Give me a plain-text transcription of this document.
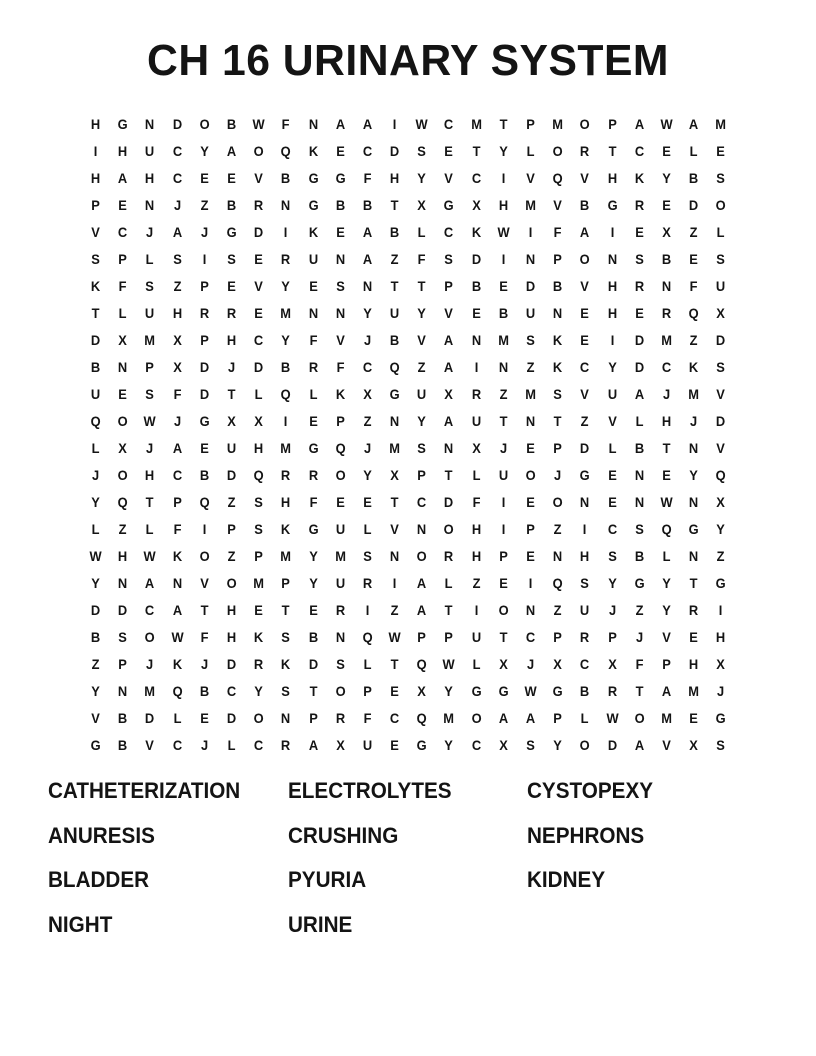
CH 16 URINARY SYSTEM
H	G	N	D	O	B	W	F	N	A	A	I	W	C	M	T	P	M	O	P	A	W	A	M
I	H	U	C	Y	A	O	Q	K	E	C	D	S	E	T	Y	L	O	R	T	C	E	L	E
H	A	H	C	E	E	V	B	G	G	F	H	Y	V	C	I	V	Q	V	H	K	Y	B	S
P	E	N	J	Z	B	R	N	G	B	B	T	X	G	X	H	M	V	B	G	R	E	D	O
V	C	J	A	J	G	D	I	K	E	A	B	L	C	K	W	I	F	A	I	E	X	Z	L
S	P	L	S	I	S	E	R	U	N	A	Z	F	S	D	I	N	P	O	N	S	B	E	S
K	F	S	Z	P	E	V	Y	E	S	N	T	T	P	B	E	D	B	V	H	R	N	F	U
T	L	U	H	R	R	E	M	N	N	Y	U	Y	V	E	B	U	N	E	H	E	R	Q	X
D	X	M	X	P	H	C	Y	F	V	J	B	V	A	N	M	S	K	E	I	D	M	Z	D
B	N	P	X	D	J	D	B	R	F	C	Q	Z	A	I	N	Z	K	C	Y	D	C	K	S
U	E	S	F	D	T	L	Q	L	K	X	G	U	X	R	Z	M	S	V	U	A	J	M	V
Q	O	W	J	G	X	X	I	E	P	Z	N	Y	A	U	T	N	T	Z	V	L	H	J	D
L	X	J	A	E	U	H	M	G	Q	J	M	S	N	X	J	E	P	D	L	B	T	N	V
J	O	H	C	B	D	Q	R	R	O	Y	X	P	T	L	U	O	J	G	E	N	E	Y	Q
Y	Q	T	P	Q	Z	S	H	F	E	E	T	C	D	F	I	E	O	N	E	N	W	N	X
L	Z	L	F	I	P	S	K	G	U	L	V	N	O	H	I	P	Z	I	C	S	Q	G	Y
W	H	W	K	O	Z	P	M	Y	M	S	N	O	R	H	P	E	N	H	S	B	L	N	Z
Y	N	A	N	V	O	M	P	Y	U	R	I	A	L	Z	E	I	Q	S	Y	G	Y	T	G
D	D	C	A	T	H	E	T	E	R	I	Z	A	T	I	O	N	Z	U	J	Z	Y	R	I
B	S	O	W	F	H	K	S	B	N	Q	W	P	P	U	T	C	P	R	P	J	V	E	H
Z	P	J	K	J	D	R	K	D	S	L	T	Q	W	L	X	J	X	C	X	F	P	H	X
Y	N	M	Q	B	C	Y	S	T	O	P	E	X	Y	G	G	W	G	B	R	T	A	M	J
V	B	D	L	E	D	O	N	P	R	F	C	Q	M	O	A	A	P	L	W	O	M	E	G
G	B	V	C	J	L	C	R	A	X	U	E	G	Y	C	X	S	Y	O	D	A	V	X	S
CATHETERIZATION
ANURESIS
BLADDER
NIGHT
ELECTROLYTES
CRUSHING
PYURIA
URINE
CYSTOPEXY
NEPHRONS
KIDNEY
